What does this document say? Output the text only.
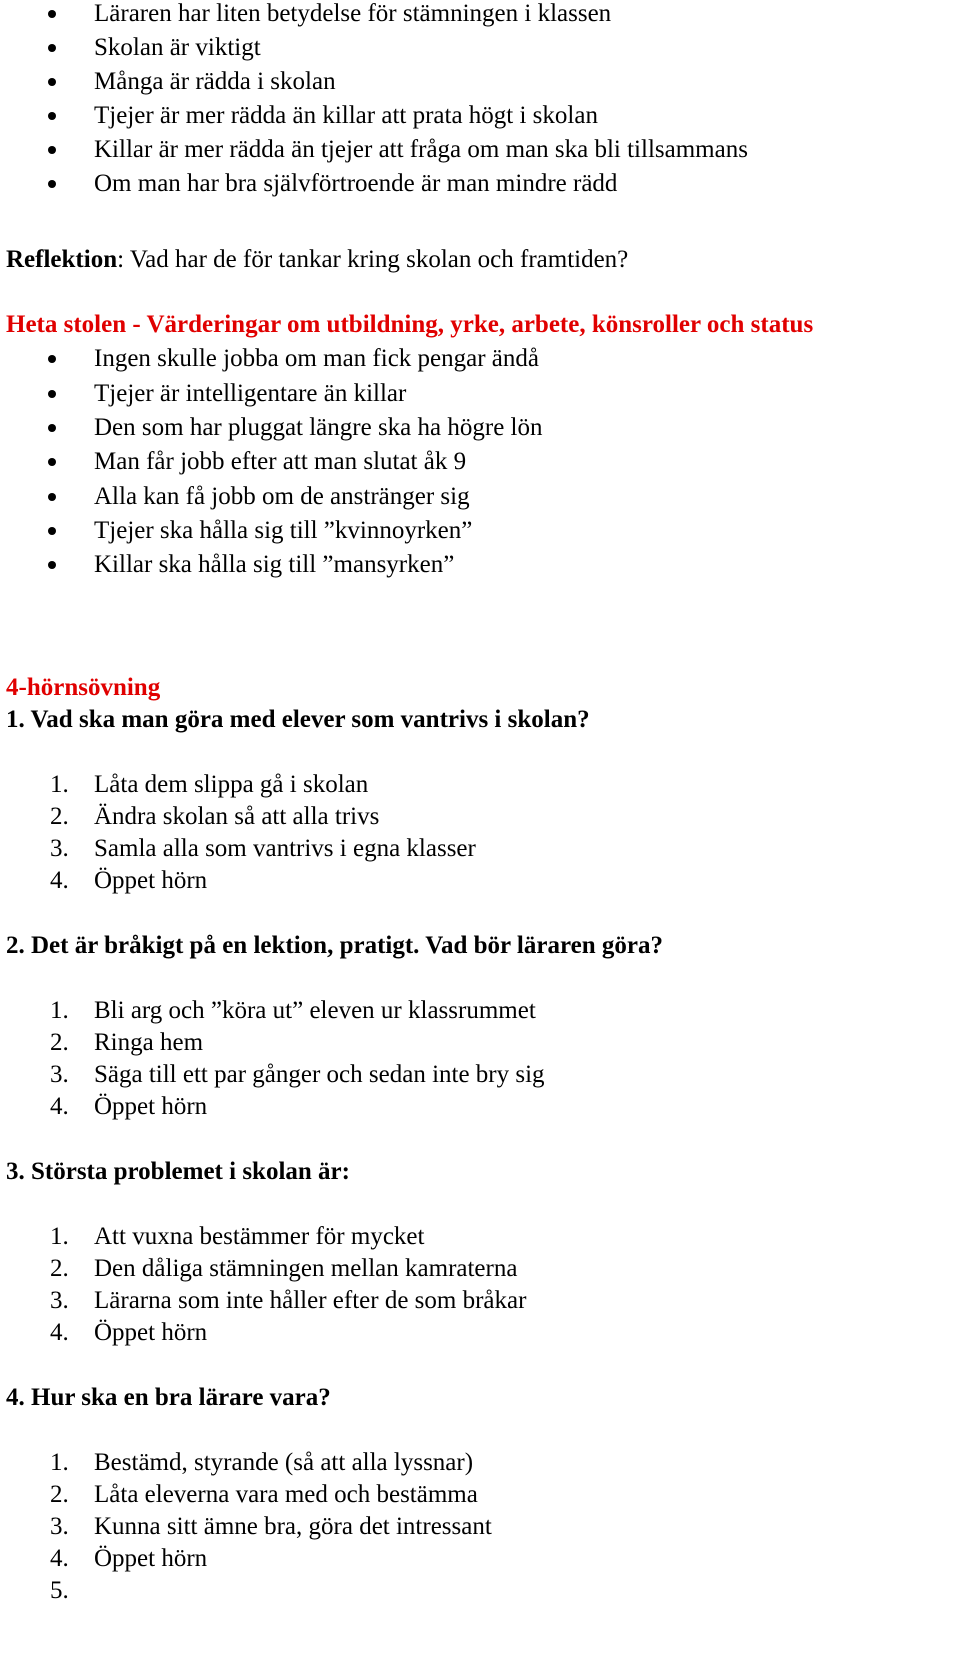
Läraren har liten betydelse för stämningen i klassen
Skolan är viktigt
Många är rädda i skolan
Tjejer är mer rädda än killar att prata högt i skolan
Killar är mer rädda än tjejer att fråga om man ska bli tillsammans
Om man har bra självförtroende är man mindre rädd
Reflektion: Vad har de för tankar kring skolan och framtiden?
Heta stolen - Värderingar om utbildning, yrke, arbete, könsroller och status
Ingen skulle jobba om man fick pengar ändå
Tjejer är intelligentare än killar
Den som har pluggat längre ska ha högre lön
Man får jobb efter att man slutat åk 9
Alla kan få jobb om de anstränger sig
Tjejer ska hålla sig till ”kvinnoyrken”
Killar ska hålla sig till ”mansyrken”
4-hörnsövning
1. Vad ska man göra med elever som vantrivs i skolan?
1. Låta dem slippa gå i skolan
2. Ändra skolan så att alla trivs
3. Samla alla som vantrivs i egna klasser
4. Öppet hörn
2. Det är bråkigt på en lektion, pratigt. Vad bör läraren göra?
1. Bli arg och ”köra ut” eleven ur klassrummet
2. Ringa hem
3. Säga till ett par gånger och sedan inte bry sig
4. Öppet hörn
3. Största problemet i skolan är:
1. Att vuxna bestämmer för mycket
2. Den dåliga stämningen mellan kamraterna
3. Lärarna som inte håller efter de som bråkar
4. Öppet hörn
4. Hur ska en bra lärare vara?
1. Bestämd, styrande (så att alla lyssnar)
2. Låta eleverna vara med och bestämma
3. Kunna sitt ämne bra, göra det intressant
4. Öppet hörn
5.
